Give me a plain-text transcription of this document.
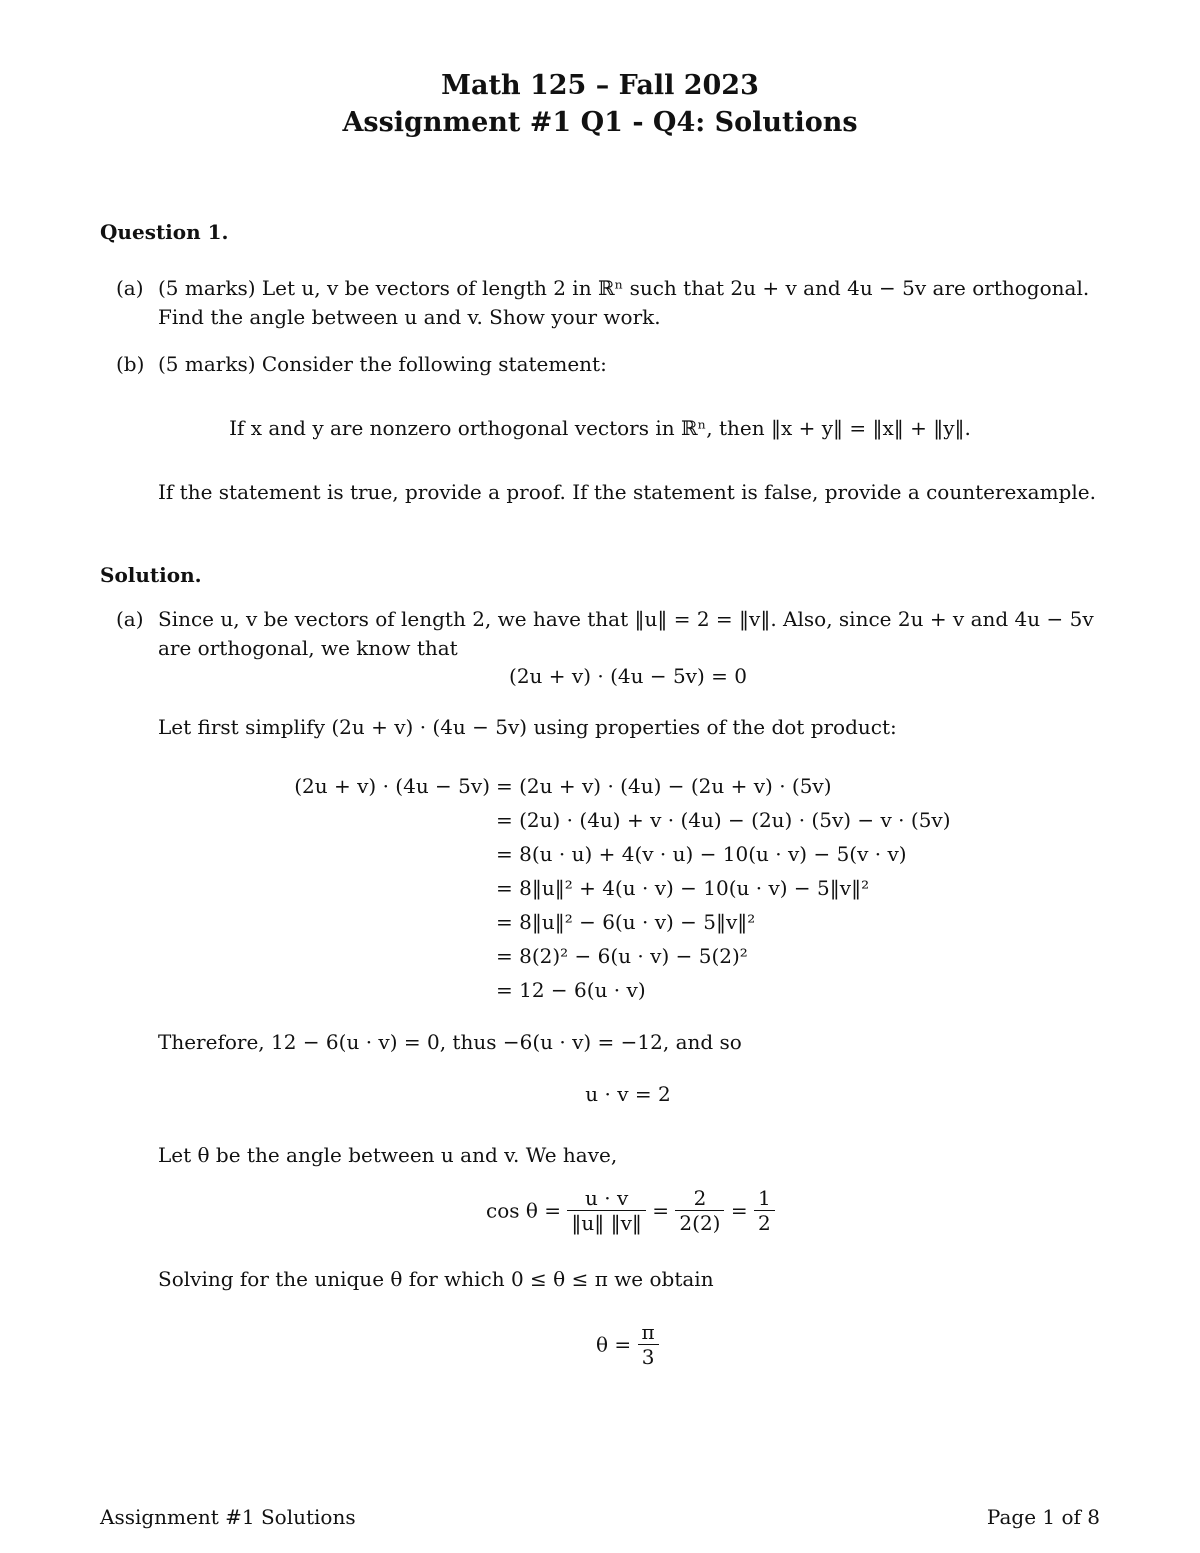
Math 125 – Fall 2023
Assignment #1 Q1 - Q4: Solutions
Question 1.
(a) (5 marks) Let u, v be vectors of length 2 in ℝⁿ such that 2u + v and 4u − 5v are orthogonal.
Find the angle between u and v. Show your work.
(b) (5 marks) Consider the following statement:
If x and y are nonzero orthogonal vectors in ℝⁿ, then ‖x + y‖ = ‖x‖ + ‖y‖.
If the statement is true, provide a proof. If the statement is false, provide a counterexample.
Solution.
(a) Since u, v be vectors of length 2, we have that ‖u‖ = 2 = ‖v‖. Also, since 2u + v and 4u − 5v
are orthogonal, we know that
(2u + v) · (4u − 5v) = 0
Let first simplify (2u + v) · (4u − 5v) using properties of the dot product:
(2u + v) · (4u − 5v) = (2u + v) · (4u) − (2u + v) · (5v)
= (2u) · (4u) + v · (4u) − (2u) · (5v) − v · (5v)
= 8(u · u) + 4(v · u) − 10(u · v) − 5(v · v)
= 8‖u‖² + 4(u · v) − 10(u · v) − 5‖v‖²
= 8‖u‖² − 6(u · v) − 5‖v‖²
= 8(2)² − 6(u · v) − 5(2)²
= 12 − 6(u · v)
Therefore, 12 − 6(u · v) = 0, thus −6(u · v) = −12, and so
u · v = 2
Let θ be the angle between u and v. We have,
$\cos \theta = \frac{u \cdot v}{‖u‖ ‖v‖} = \frac{2}{2(2)} = \frac{1}{2}$
Solving for the unique θ for which 0 ≤ θ ≤ π we obtain
$\theta = \frac{\pi}{3}$
Assignment #1 Solutions	Page 1 of 8
